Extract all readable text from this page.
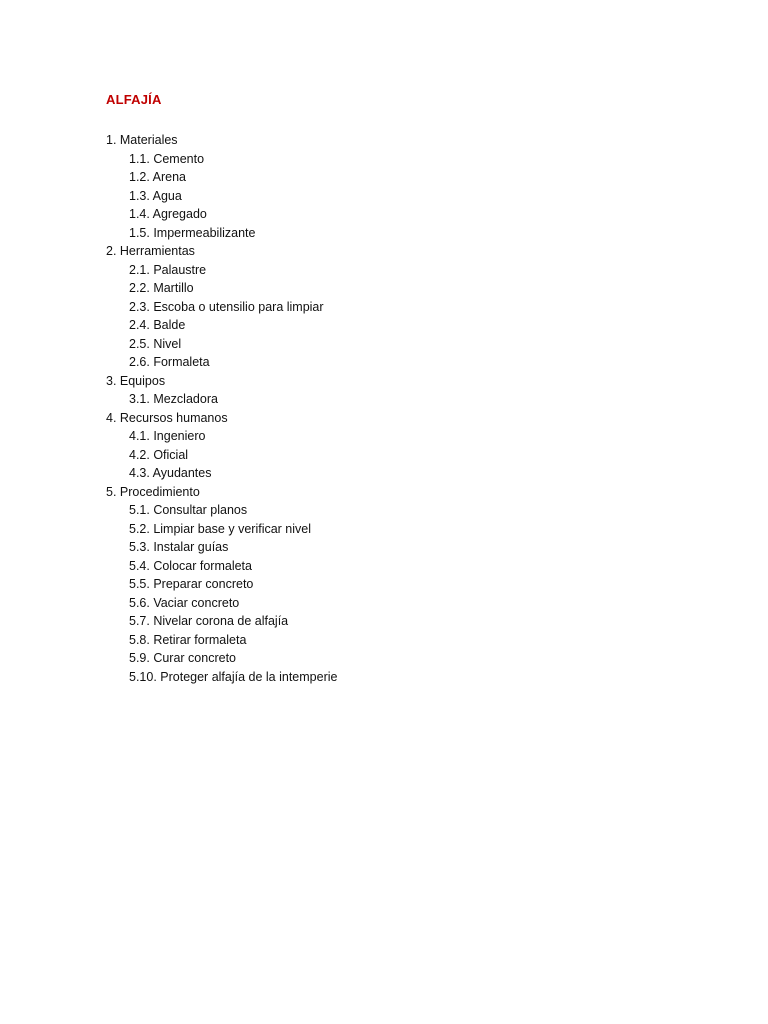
ALFAJÍA
1. Materiales
1.1. Cemento
1.2. Arena
1.3. Agua
1.4. Agregado
1.5. Impermeabilizante
2. Herramientas
2.1. Palaustre
2.2. Martillo
2.3. Escoba o utensilio para limpiar
2.4. Balde
2.5. Nivel
2.6. Formaleta
3. Equipos
3.1. Mezcladora
4. Recursos humanos
4.1. Ingeniero
4.2. Oficial
4.3. Ayudantes
5. Procedimiento
5.1. Consultar planos
5.2. Limpiar base y verificar nivel
5.3. Instalar guías
5.4. Colocar formaleta
5.5. Preparar concreto
5.6. Vaciar concreto
5.7. Nivelar corona de alfajía
5.8. Retirar formaleta
5.9. Curar concreto
5.10. Proteger alfajía de la intemperie
